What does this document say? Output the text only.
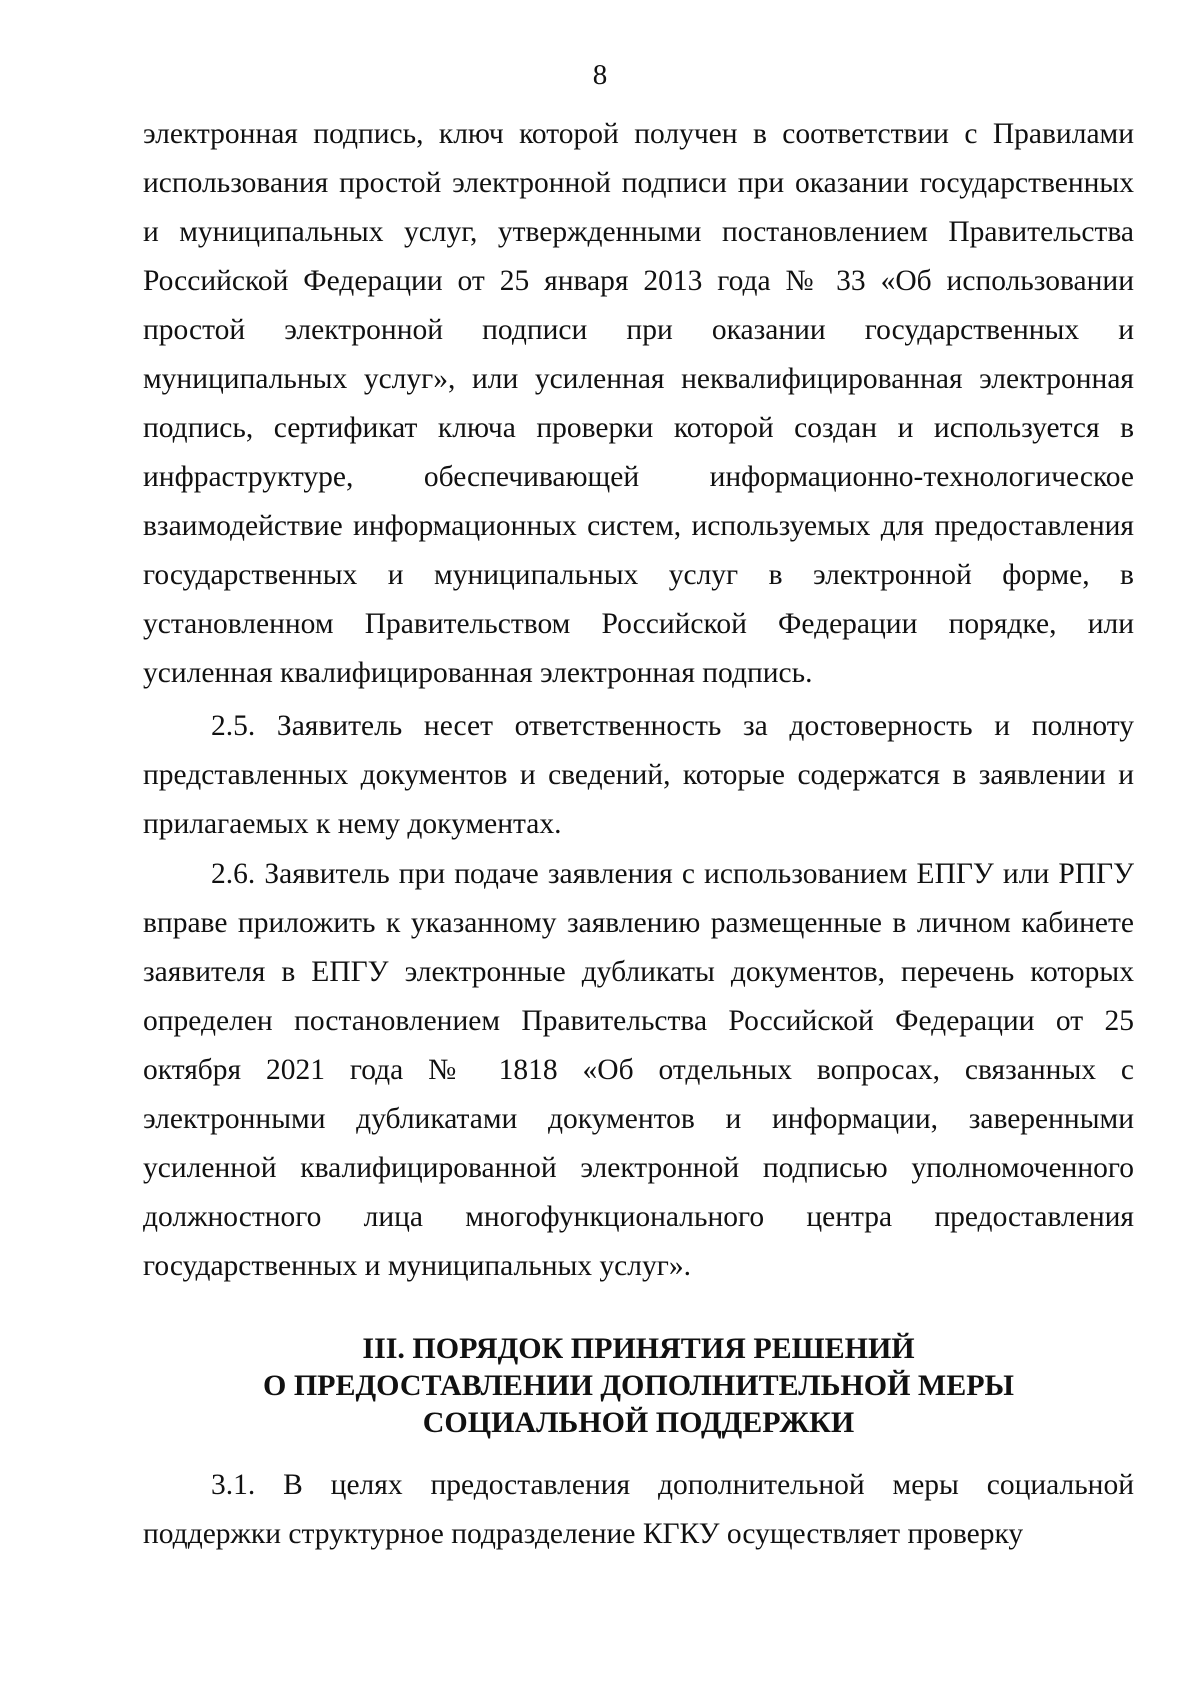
8

электронная подпись, ключ которой получен в соответствии с Правилами использования простой электронной подписи при оказании государственных и муниципальных услуг, утвержденными постановлением Правительства Российской Федерации от 25 января 2013 года № 33 «Об использовании простой электронной подписи при оказании государственных и муниципальных услуг», или усиленная неквалифицированная электронная подпись, сертификат ключа проверки которой создан и используется в инфраструктуре, обеспечивающей информационно-технологическое взаимодействие информационных систем, используемых для предоставления государственных и муниципальных услуг в электронной форме, в установленном Правительством Российской Федерации порядке, или усиленная квалифицированная электронная подпись.

2.5. Заявитель несет ответственность за достоверность и полноту представленных документов и сведений, которые содержатся в заявлении и прилагаемых к нему документах.

2.6. Заявитель при подаче заявления с использованием ЕПГУ или РПГУ вправе приложить к указанному заявлению размещенные в личном кабинете заявителя в ЕПГУ электронные дубликаты документов, перечень которых определен постановлением Правительства Российской Федерации от 25 октября 2021 года № 1818 «Об отдельных вопросах, связанных с электронными дубликатами документов и информации, заверенными усиленной квалифицированной электронной подписью уполномоченного должностного лица многофункционального центра предоставления государственных и муниципальных услуг».

III. ПОРЯДОК ПРИНЯТИЯ РЕШЕНИЙ
О ПРЕДОСТАВЛЕНИИ ДОПОЛНИТЕЛЬНОЙ МЕРЫ
СОЦИАЛЬНОЙ ПОДДЕРЖКИ

3.1. В целях предоставления дополнительной меры социальной поддержки структурное подразделение КГКУ осуществляет проверку
